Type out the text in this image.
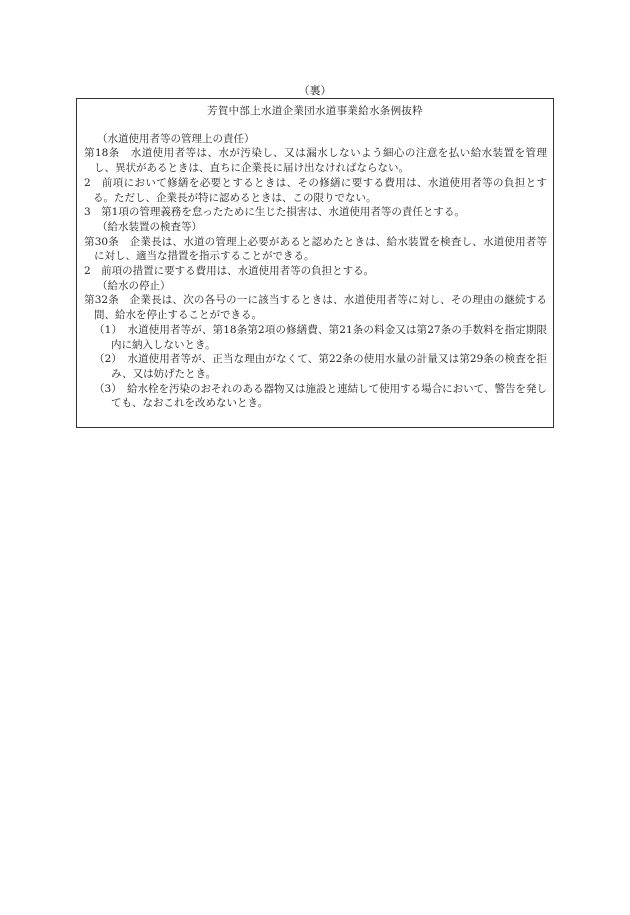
（裏）
芳賀中部上水道企業団水道事業給水条例抜粋
（水道使用者等の管理上の責任）
第18条　水道使用者等は、水が汚染し、又は漏水しないよう細心の注意を払い給水装置を管理し、異状があるときは、直ちに企業長に届け出なければならない。
2　前項において修繕を必要とするときは、その修繕に要する費用は、水道使用者等の負担とする。ただし、企業長が特に認めるときは、この限りでない。
3　第1項の管理義務を怠ったために生じた損害は、水道使用者等の責任とする。
（給水装置の検査等）
第30条　企業長は、水道の管理上必要があると認めたときは、給水装置を検査し、水道使用者等に対し、適当な措置を指示することができる。
2　前項の措置に要する費用は、水道使用者等の負担とする。
（給水の停止）
第32条　企業長は、次の各号の一に該当するときは、水道使用者等に対し、その理由の継続する間、給水を停止することができる。
（1）　水道使用者等が、第18条第2項の修繕費、第21条の料金又は第27条の手数料を指定期限内に納入しないとき。
（2）　水道使用者等が、正当な理由がなくて、第22条の使用水量の計量又は第29条の検査を拒み、又は妨げたとき。
（3）　給水栓を汚染のおそれのある器物又は施設と連結して使用する場合において、警告を発しても、なおこれを改めないとき。
